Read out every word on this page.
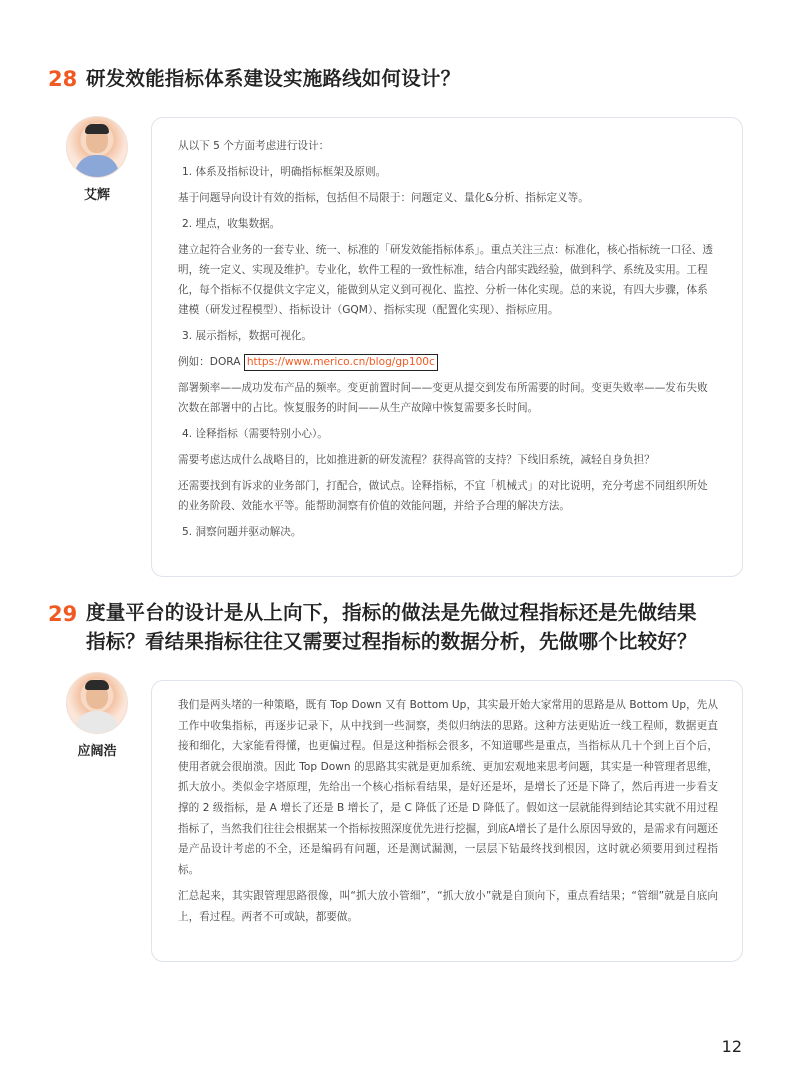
28 研发效能指标体系建设实施路线如何设计？
艾辉

从以下 5 个方面考虑进行设计：

1. 体系及指标设计，明确指标框架及原则。

基于问题导向设计有效的指标，包括但不局限于：问题定义、量化&分析、指标定义等。

2. 埋点，收集数据。

建立起符合业务的一套专业、统一、标准的「研发效能指标体系」。重点关注三点：标准化，核心指标统一口径、透明，统一定义、实现及维护。专业化，软件工程的一致性标准，结合内部实践经验，做到科学、系统及实用。工程化，每个指标不仅提供文字定义，能做到从定义到可视化、监控、分析一体化实现。总的来说，有四大步骤，体系建模（研发过程模型）、指标设计（GQM）、指标实现（配置化实现）、指标应用。

3. 展示指标，数据可视化。

例如：DORA https://www.merico.cn/blog/gp100c

部署频率——成功发布产品的频率。变更前置时间——变更从提交到发布所需要的时间。变更失败率——发布失败次数在部署中的占比。恢复服务的时间——从生产故障中恢复需要多长时间。

4. 诠释指标（需要特别小心）。

需要考虑达成什么战略目的，比如推进新的研发流程？获得高管的支持？下线旧系统，减轻自身负担？

还需要找到有诉求的业务部门，打配合，做试点。诠释指标，不宜「机械式」的对比说明，充分考虑不同组织所处的业务阶段、效能水平等。能帮助洞察有价值的效能问题，并给予合理的解决方法。

5. 洞察问题并驱动解决。

29 度量平台的设计是从上向下，指标的做法是先做过程指标还是先做结果
指标？看结果指标往往又需要过程指标的数据分析，先做哪个比较好？
应阔浩

我们是两头堵的一种策略，既有 Top Down 又有 Bottom Up，其实最开始大家常用的思路是从 Bottom Up，先从工作中收集指标，再逐步记录下，从中找到一些洞察，类似归纳法的思路。这种方法更贴近一线工程师，数据更直接和细化，大家能看得懂，也更偏过程。但是这种指标会很多，不知道哪些是重点，当指标从几十个到上百个后，使用者就会很崩溃。因此 Top Down 的思路其实就是更加系统、更加宏观地来思考问题，其实是一种管理者思维，抓大放小。类似金字塔原理，先给出一个核心指标看结果，是好还是坏，是增长了还是下降了，然后再进一步看支撑的 2 级指标，是 A 增长了还是 B 增长了，是 C 降低了还是 D 降低了。假如这一层就能得到结论其实就不用过程指标了，当然我们往往会根据某一个指标按照深度优先进行挖掘，到底A增长了是什么原因导致的，是需求有问题还是产品设计考虑的不全，还是编码有问题，还是测试漏测，一层层下钻最终找到根因，这时就必须要用到过程指标。

汇总起来，其实跟管理思路很像，叫“抓大放小管细”，“抓大放小”就是自顶向下，重点看结果；“管细”就是自底向上，看过程。两者不可或缺，都要做。

12
